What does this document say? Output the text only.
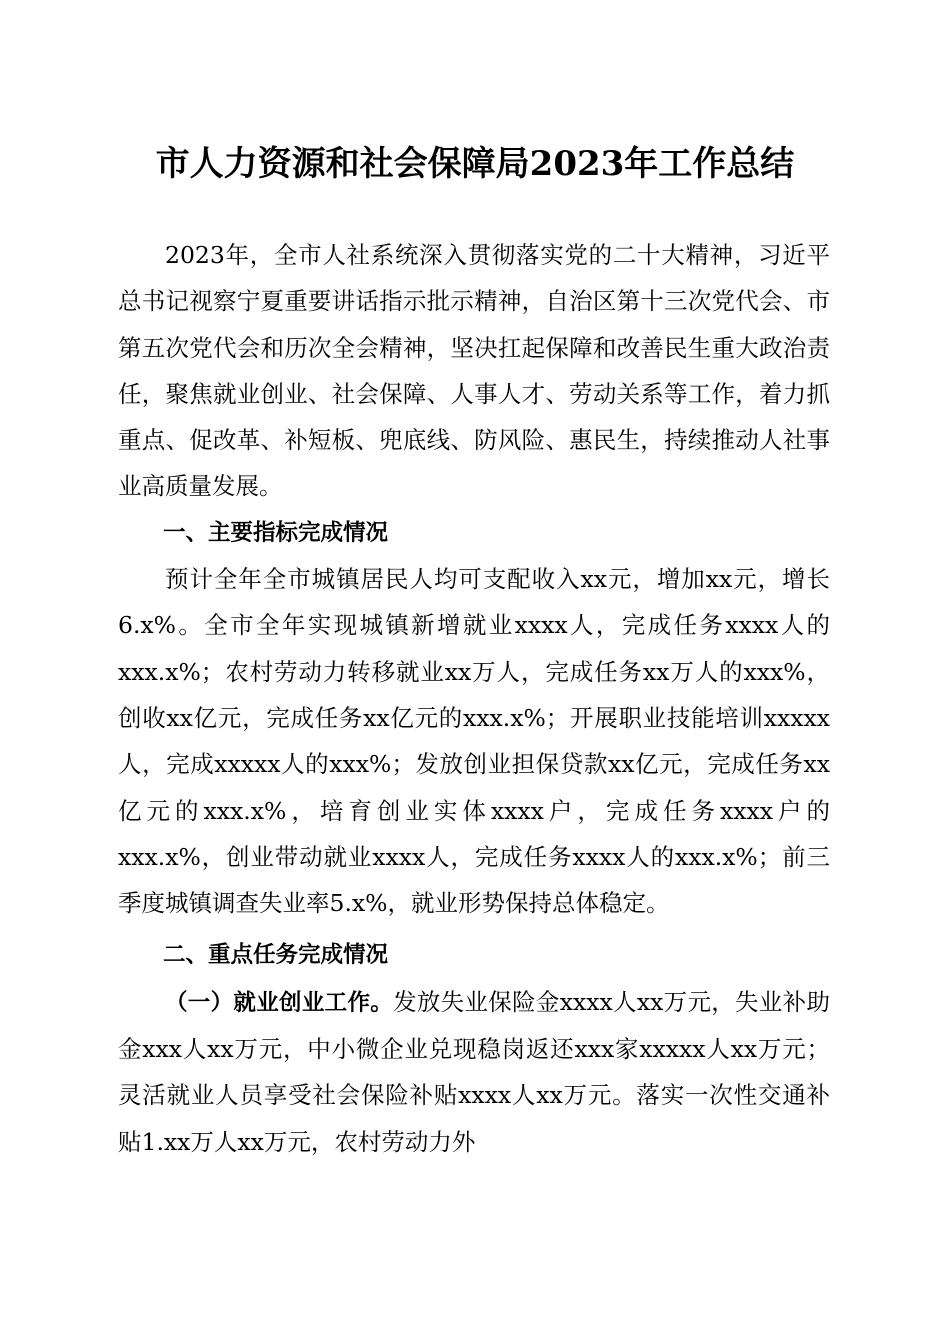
市人力资源和社会保障局2023年工作总结

2023年，全市人社系统深入贯彻落实党的二十大精神，习近平总书记视察宁夏重要讲话指示批示精神，自治区第十三次党代会、市第五次党代会和历次全会精神，坚决扛起保障和改善民生重大政治责任，聚焦就业创业、社会保障、人事人才、劳动关系等工作，着力抓重点、促改革、补短板、兜底线、防风险、惠民生，持续推动人社事业高质量发展。

一、主要指标完成情况

预计全年全市城镇居民人均可支配收入xx元，增加xx元，增长6.x%。全市全年实现城镇新增就业xxxx人，完成任务xxxx人的xxx.x%；农村劳动力转移就业xx万人，完成任务xx万人的xxx%，创收xx亿元，完成任务xx亿元的xxx.x%；开展职业技能培训xxxxx人，完成xxxxx人的xxx%；发放创业担保贷款xx亿元，完成任务xx亿元的xxx.x%，培育创业实体xxxx户，完成任务xxxx户的xxx.x%，创业带动就业xxxx人，完成任务xxxx人的xxx.x%；前三季度城镇调查失业率5.x%，就业形势保持总体稳定。

二、重点任务完成情况

（一）就业创业工作。发放失业保险金xxxx人xx万元，失业补助金xxx人xx万元，中小微企业兑现稳岗返还xxx家xxxxx人xx万元；灵活就业人员享受社会保险补贴xxxx人xx万元。落实一次性交通补贴1.xx万人xx万元，农村劳动力外
